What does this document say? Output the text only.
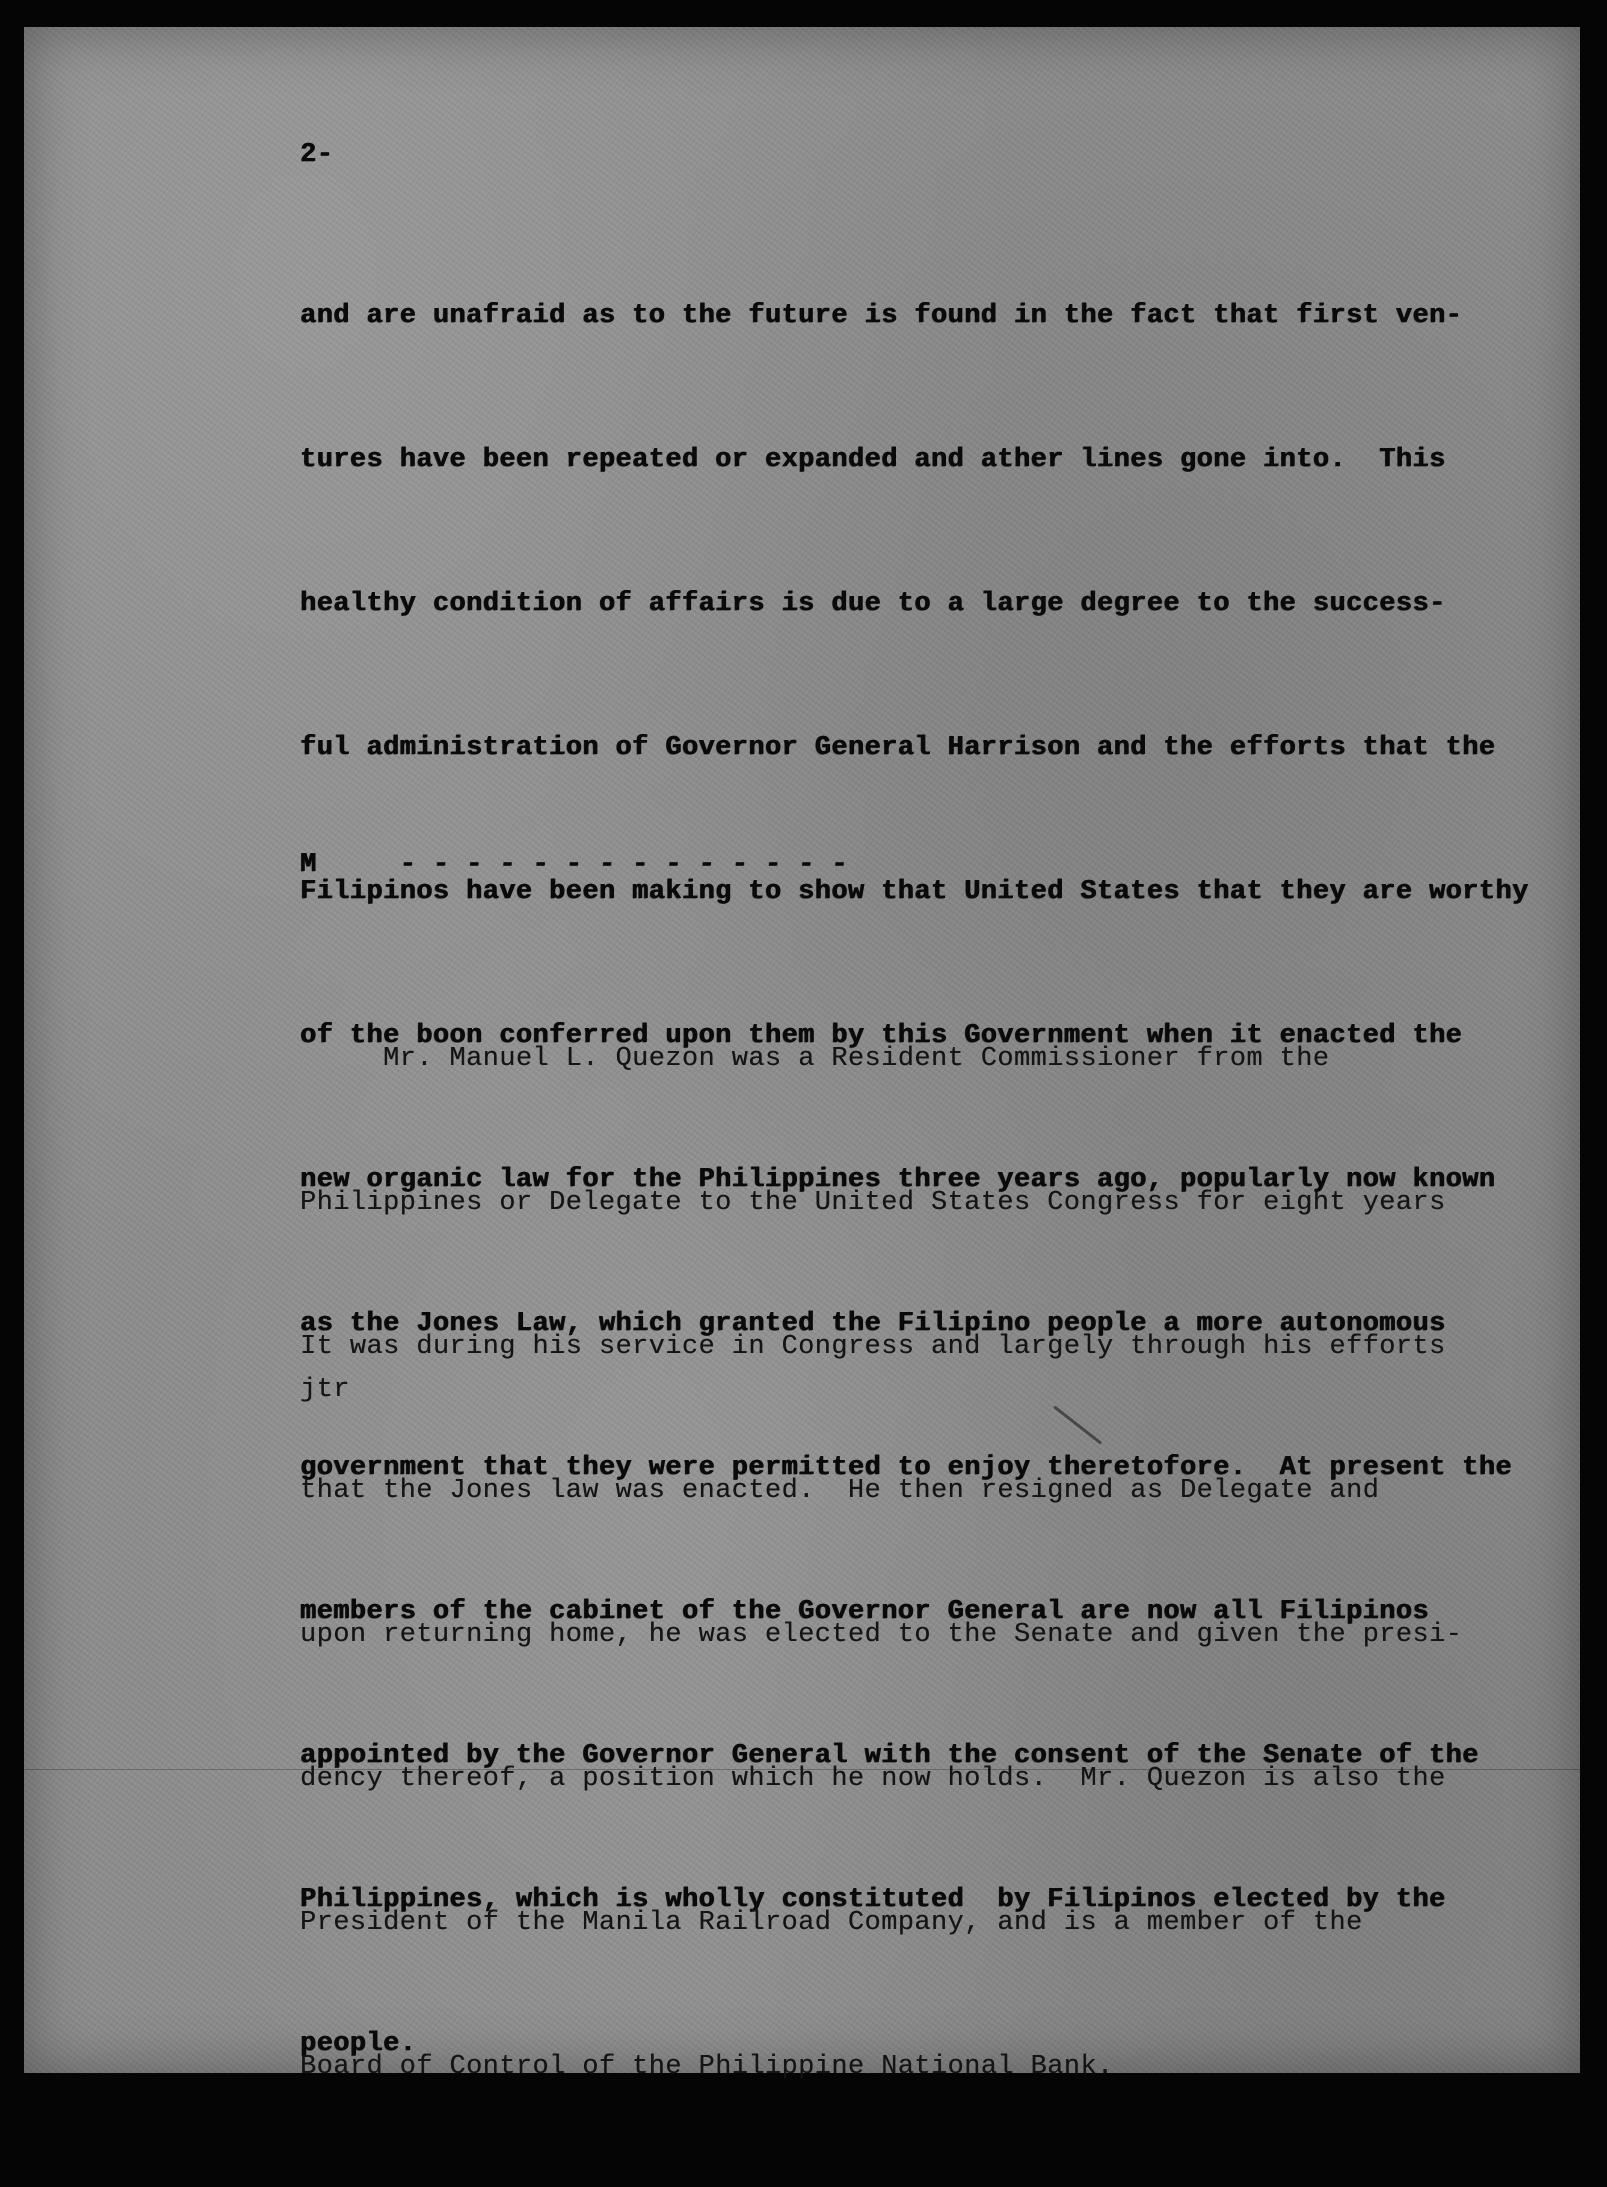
2-

and are unafraid as to the future is found in the fact that first ven-

tures have been repeated or expanded and ather lines gone into.  This

healthy condition of affairs is due to a large degree to the success-

ful administration of Governor General Harrison and the efforts that the

Filipinos have been making to show that United States that they are worthy

of the boon conferred upon them by this Government when it enacted the

new organic law for the Philippines three years ago, popularly now known

as the Jones Law, which granted the Filipino people a more autonomous

government that they were permitted to enjoy theretofore.  At present the

members of the cabinet of the Governor General are now all Filipinos

appointed by the Governor General with the consent of the Senate of the

Philippines, which is wholly constituted  by Filipinos elected by the

people.

M     - - - - - - - - - - - - - -

Mr. Manuel L. Quezon was a Resident Commissioner from the

Philippines or Delegate to the United States Congress for eight years

It was during his service in Congress and largely through his efforts

that the Jones law was enacted.  He then resigned as Delegate and

upon returning home, he was elected to the Senate and given the presi-

dency thereof, a position which he now holds.  Mr. Quezon is also the

President of the Manila Railroad Company, and is a member of the

Board of Control of the Philippine National Bank.

jtr
